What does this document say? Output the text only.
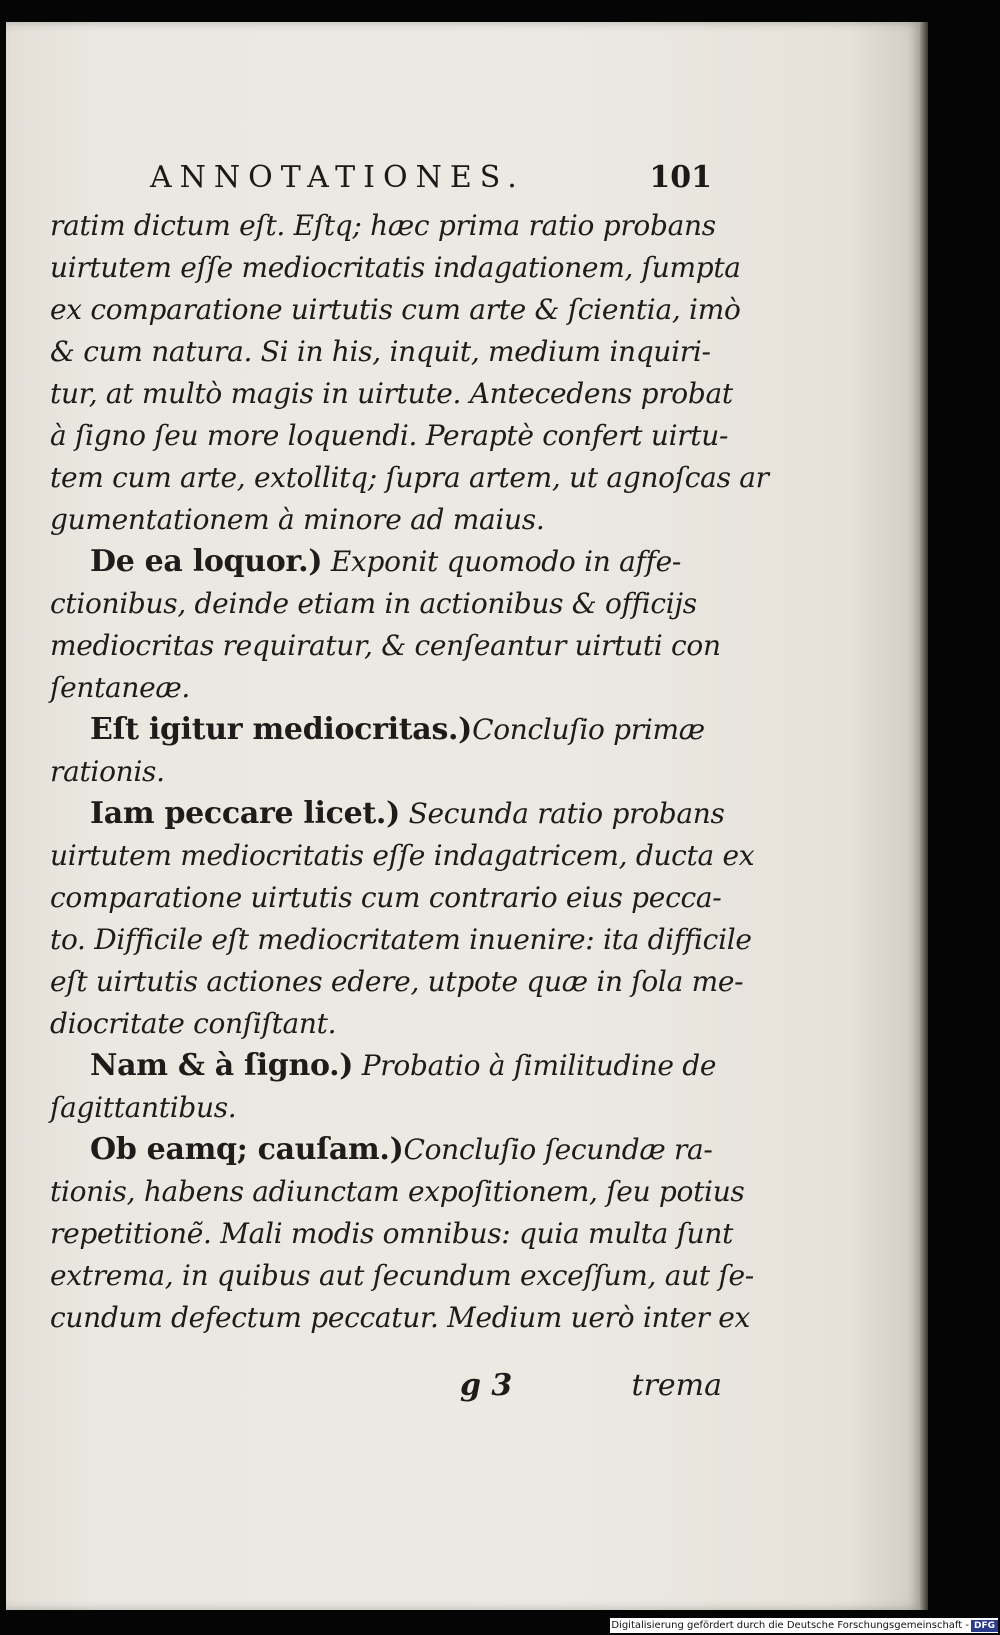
ANNOTATIONES.	101
ratim dictum eſt. Eſtq; hæc prima ratio probans
uirtutem eſſe mediocritatis indagationem, ſumpta
ex comparatione uirtutis cum arte & ſcientia, imò
& cum natura. Si in his, inquit, medium inquiri-
tur, at multò magis in uirtute. Antecedens probat
à ſigno ſeu more loquendi. Peraptè confert uirtu-
tem cum arte, extollitq; ſupra artem, ut agnoſcas ar
gumentationem à minore ad maius.
De ea loquor.) Exponit quomodo in affe-
ctionibus, deinde etiam in actionibus & officijs
mediocritas requiratur, & cenſeantur uirtuti con
ſentaneæ.
Eſt igitur mediocritas.)Concluſio primæ
rationis.
Iam peccare licet.) Secunda ratio probans
uirtutem mediocritatis eſſe indagatricem, ducta ex
comparatione uirtutis cum contrario eius pecca-
to. Difficile eſt mediocritatem inuenire: ita difficile
eſt uirtutis actiones edere, utpote quæ in ſola me-
diocritate conſiſtant.
Nam & à ſigno.) Probatio à ſimilitudine de
ſagittantibus.
Ob eamq; cauſam.)Concluſio ſecundæ ra-
tionis, habens adiunctam expoſitionem, ſeu potius
repetitionẽ. Mali modis omnibus: quia multa ſunt
extrema, in quibus aut ſecundum exceſſum, aut ſe-
cundum defectum peccatur. Medium uerò inter ex
g 3	trema
Digitalisierung gefördert durch die Deutsche Forschungsgemeinschaft - DFG
